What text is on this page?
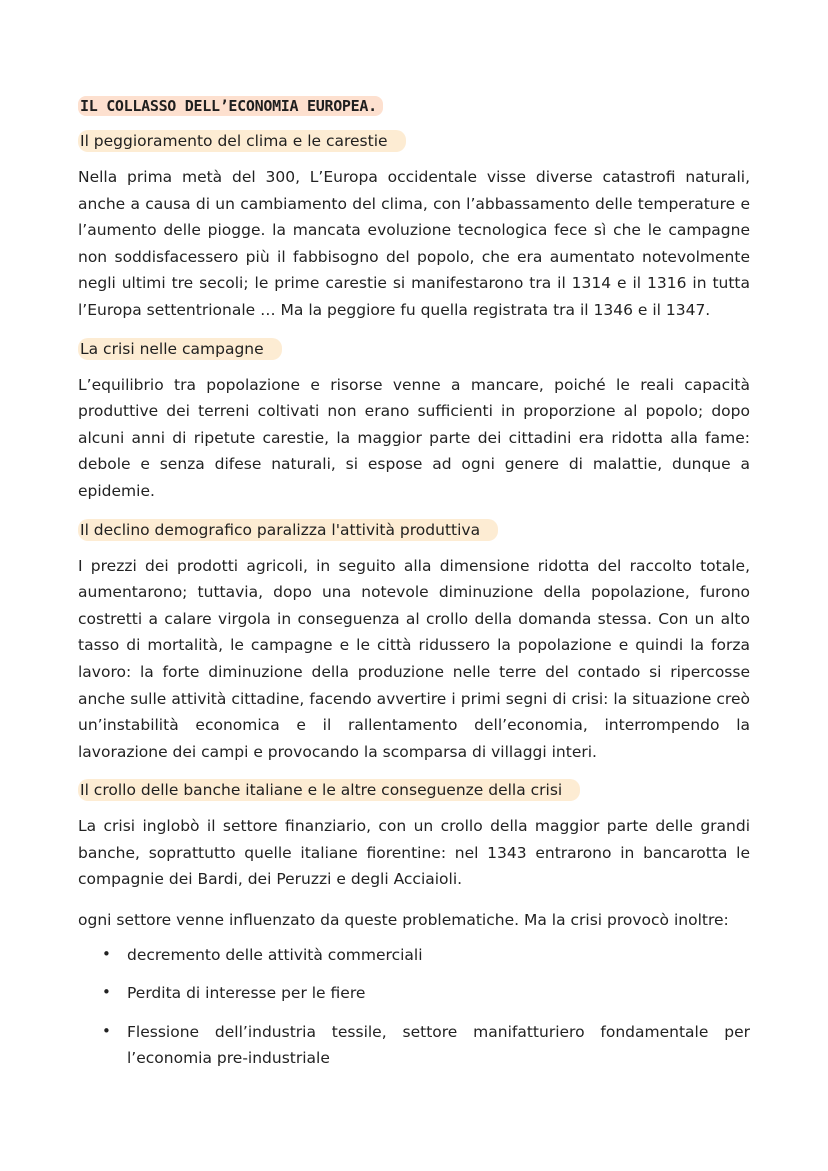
IL COLLASSO DELL’ECONOMIA EUROPEA.
Il peggioramento del clima e le carestie

Nella prima metà del 300, L’Europa occidentale visse diverse catastrofi naturali, anche a causa di un cambiamento del clima, con l’abbassamento delle temperature e l’aumento delle piogge. la mancata evoluzione tecnologica fece sì che le campagne non soddisfacessero più il fabbisogno del popolo, che era aumentato notevolmente negli ultimi tre secoli; le prime carestie si manifestarono tra il 1314 e il 1316 in tutta l’Europa settentrionale … Ma la peggiore fu quella registrata tra il 1346 e il 1347.

La crisi nelle campagne

L’equilibrio tra popolazione e risorse venne a mancare, poiché le reali capacità produttive dei terreni coltivati non erano sufficienti in proporzione al popolo; dopo alcuni anni di ripetute carestie, la maggior parte dei cittadini era ridotta alla fame: debole e senza difese naturali, si espose ad ogni genere di malattie, dunque a epidemie.

Il declino demografico paralizza l'attività produttiva

I prezzi dei prodotti agricoli, in seguito alla dimensione ridotta del raccolto totale, aumentarono; tuttavia, dopo una notevole diminuzione della popolazione, furono costretti a calare virgola in conseguenza al crollo della domanda stessa. Con un alto tasso di mortalità, le campagne e le città ridussero la popolazione e quindi la forza lavoro: la forte diminuzione della produzione nelle terre del contado si ripercosse anche sulle attività cittadine, facendo avvertire i primi segni di crisi: la situazione creò un’instabilità economica e il rallentamento dell’economia, interrompendo la lavorazione dei campi e provocando la scomparsa di villaggi interi.

Il crollo delle banche italiane e le altre conseguenze della crisi

La crisi inglobò il settore finanziario, con un crollo della maggior parte delle grandi banche, soprattutto quelle italiane fiorentine: nel 1343 entrarono in bancarotta le compagnie dei Bardi, dei Peruzzi e degli Acciaioli.

ogni settore venne influenzato da queste problematiche. Ma la crisi provocò inoltre:

• decremento delle attività commerciali
• Perdita di interesse per le fiere
• Flessione dell’industria tessile, settore manifatturiero fondamentale per l’economia pre-industriale
